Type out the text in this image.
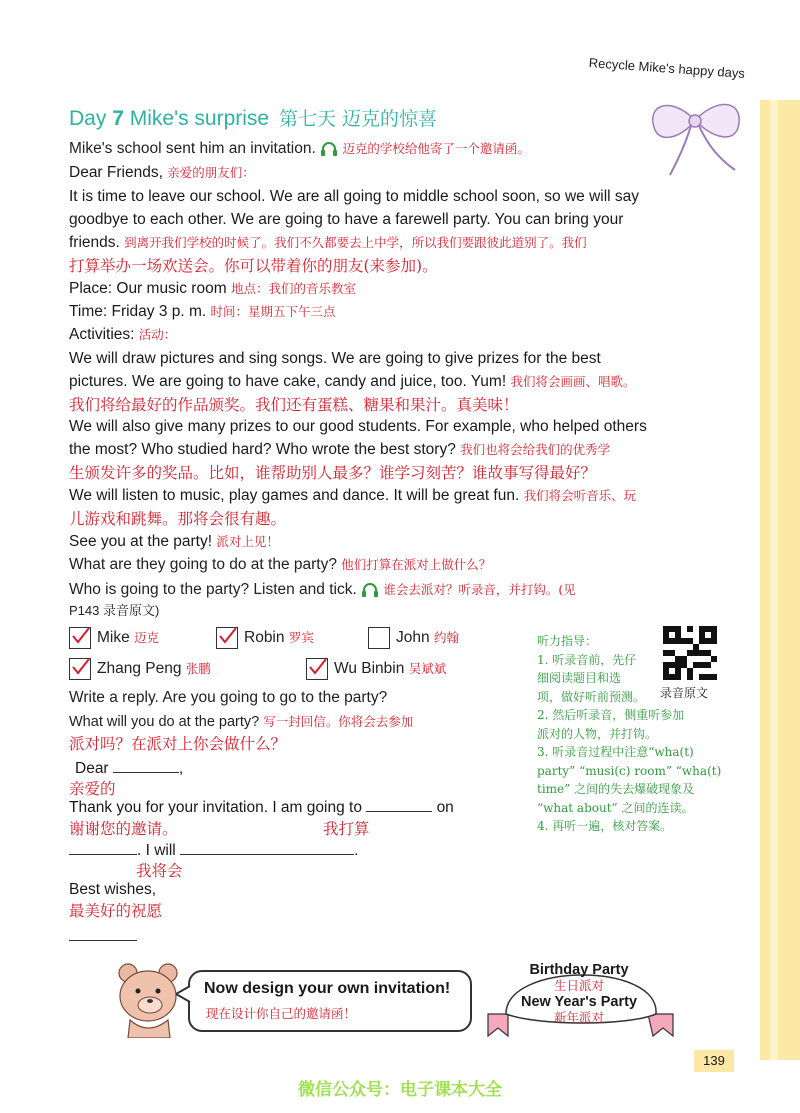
Recycle Mike's happy days
Day 7 Mike's surprise 第七天 迈克的惊喜
Mike's school sent him an invitation. 迈克的学校给他寄了一个邀请函。
Dear Friends, 亲爱的朋友们：
It is time to leave our school. We are all going to middle school soon, so we will say
goodbye to each other. We are going to have a farewell party. You can bring your
friends. 到离开我们学校的时候了。我们不久都要去上中学，所以我们要跟彼此道别了。我们
打算举办一场欢送会。你可以带着你的朋友(来参加)。
Place: Our music room 地点：我们的音乐教室
Time: Friday 3 p. m. 时间：星期五下午三点
Activities: 活动：
We will draw pictures and sing songs. We are going to give prizes for the best
pictures. We are going to have cake, candy and juice, too. Yum! 我们将会画画、唱歌。
我们将给最好的作品颁奖。我们还有蛋糕、糖果和果汁。真美味！
We will also give many prizes to our good students. For example, who helped others
the most? Who studied hard? Who wrote the best story? 我们也将会给我们的优秀学
生颁发许多的奖品。比如，谁帮助别人最多？谁学习刻苦？谁故事写得最好？
We will listen to music, play games and dance. It will be great fun. 我们将会听音乐、玩
儿游戏和跳舞。那将会很有趣。
See you at the party! 派对上见！
What are they going to do at the party? 他们打算在派对上做什么？
Who is going to the party? Listen and tick. 谁会去派对？听录音，并打钩。(见
P143 录音原文)
Mike 迈克	Robin 罗宾	John 约翰
Zhang Peng 张鹏	Wu Binbin 吴斌斌
听力指导：
1. 听录音前，先仔
细阅读题目和选
项，做好听前预测。
2. 然后听录音，侧重听参加
派对的人物，并打钩。
3. 听录音过程中注意“wha(t)
party” “musi(c) room” “wha(t)
time” 之间的失去爆破现象及
“what about” 之间的连读。
4. 再听一遍，核对答案。
录音原文
Write a reply. Are you going to go to the party?
What will you do at the party? 写一封回信。你将会去参加
派对吗？在派对上你会做什么？
Dear	,
亲爱的
Thank you for your invitation. I am going to	on
谢谢您的邀请。	我打算
. I will	.
我将会
Best wishes,
最美好的祝愿
Now design your own invitation!
现在设计你自己的邀请函！
Birthday Party
生日派对
New Year's Party
新年派对
139
微信公众号：电子课本大全
